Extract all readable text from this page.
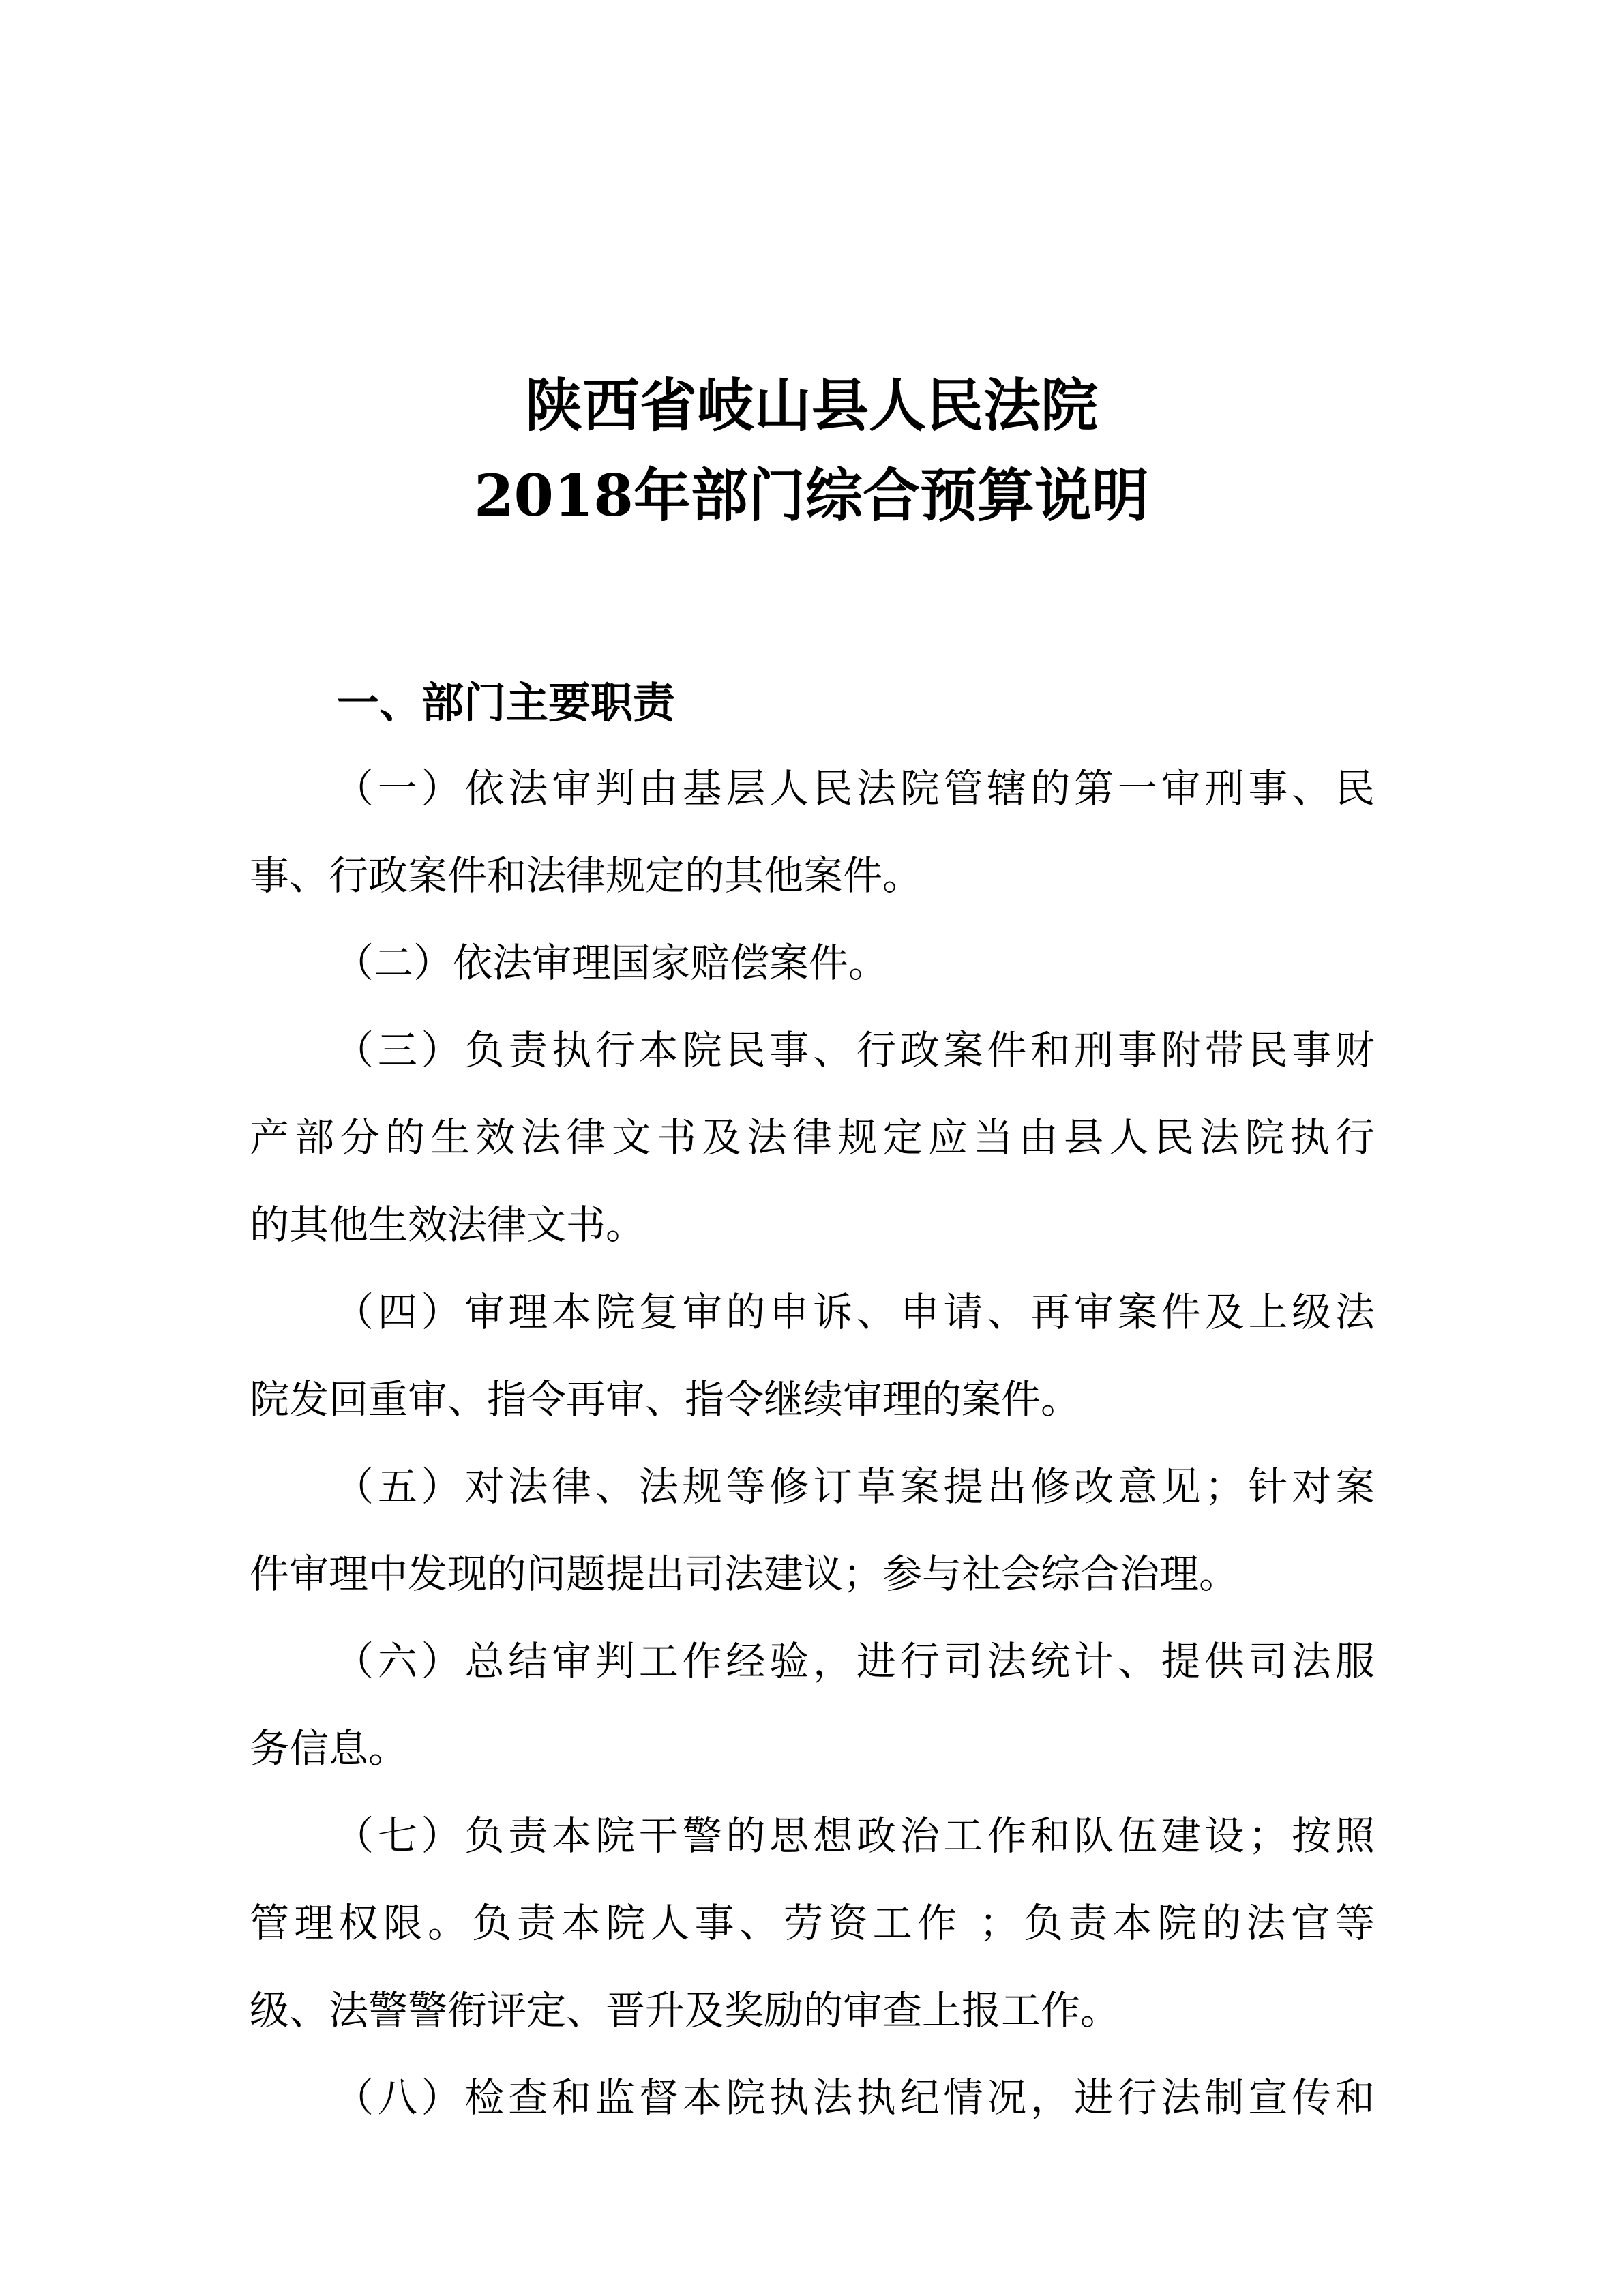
陕西省岐山县人民法院
2018年部门综合预算说明
一、部门主要职责
（一）依法审判由基层人民法院管辖的第一审刑事、民
事、行政案件和法律规定的其他案件。
（二）依法审理国家赔偿案件。
（三）负责执行本院民事、行政案件和刑事附带民事财
产部分的生效法律文书及法律规定应当由县人民法院执行
的其他生效法律文书。
（四）审理本院复审的申诉、申请、再审案件及上级法
院发回重审、指令再审、指令继续审理的案件。
（五）对法律、法规等修订草案提出修改意见；针对案
件审理中发现的问题提出司法建议；参与社会综合治理。
（六）总结审判工作经验，进行司法统计、提供司法服
务信息。
（七）负责本院干警的思想政治工作和队伍建设；按照
管理权限。负责本院人事、劳资工作 ；负责本院的法官等
级、法警警衔评定、晋升及奖励的审查上报工作。
（八）检查和监督本院执法执纪情况，进行法制宣传和
